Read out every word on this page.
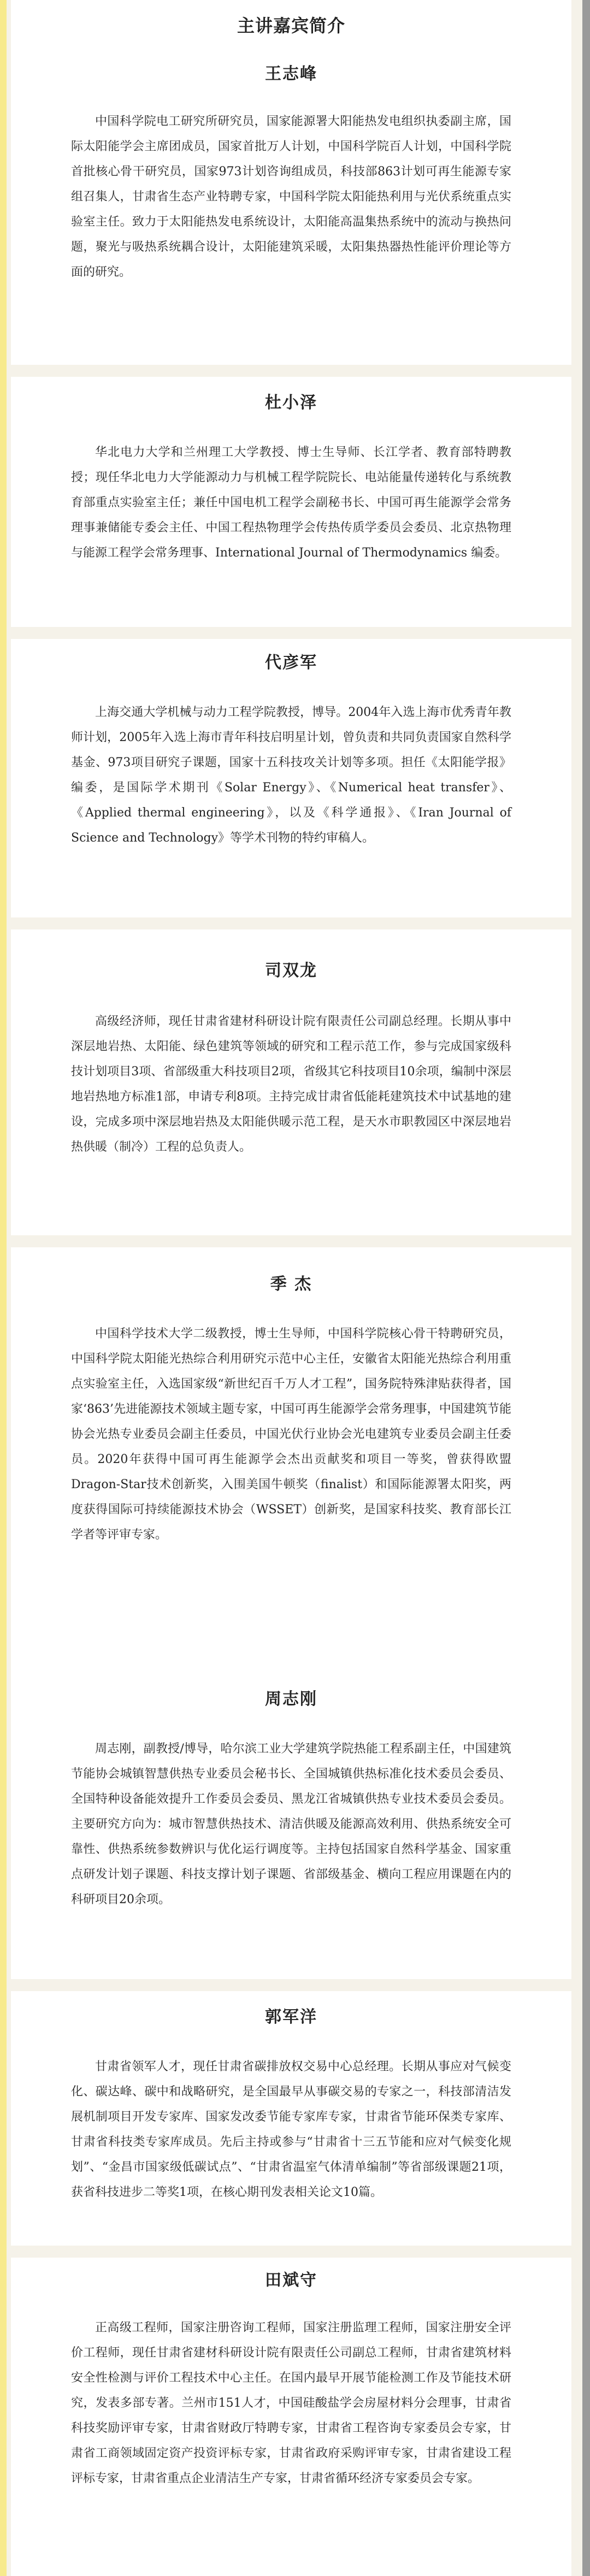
主讲嘉宾简介
王志峰

中国科学院电工研究所研究员，国家能源署大阳能热发电组织执委副主席，国际太阳能学会主席团成员，国家首批万人计划，中国科学院百人计划，中国科学院首批核心骨干研究员，国家973计划咨询组成员，科技部863计划可再生能源专家组召集人，甘肃省生态产业特聘专家，中国科学院太阳能热利用与光伏系统重点实验室主任。致力于太阳能热发电系统设计，太阳能高温集热系统中的流动与换热问题，聚光与吸热系统耦合设计，太阳能建筑采暖，太阳集热器热性能评价理论等方面的研究。

杜小泽

华北电力大学和兰州理工大学教授、博士生导师、长江学者、教育部特聘教授；现任华北电力大学能源动力与机械工程学院院长、电站能量传递转化与系统教育部重点实验室主任；兼任中国电机工程学会副秘书长、中国可再生能源学会常务理事兼储能专委会主任、中国工程热物理学会传热传质学委员会委员、北京热物理与能源工程学会常务理事、International Journal of Thermodynamics 编委。

代彦军

上海交通大学机械与动力工程学院教授，博导。2004年入选上海市优秀青年教师计划，2005年入选上海市青年科技启明星计划，曾负责和共同负责国家自然科学基金、973项目研究子课题，国家十五科技攻关计划等多项。担任《太阳能学报》编委，是国际学术期刊《Solar Energy》、《Numerical heat transfer》、《Applied thermal engineering》，以及《科学通报》、《Iran Journal of Science and Technology》等学术刊物的特约审稿人。

司双龙

高级经济师，现任甘肃省建材科研设计院有限责任公司副总经理。长期从事中深层地岩热、太阳能、绿色建筑等领域的研究和工程示范工作，参与完成国家级科技计划项目3项、省部级重大科技项目2项，省级其它科技项目10余项，编制中深层地岩热地方标准1部，申请专利8项。主持完成甘肃省低能耗建筑技术中试基地的建设，完成多项中深层地岩热及太阳能供暖示范工程，是天水市职教园区中深层地岩热供暖（制冷）工程的总负责人。

季 杰

中国科学技术大学二级教授，博士生导师，中国科学院核心骨干特聘研究员，中国科学院太阳能光热综合利用研究示范中心主任，安徽省太阳能光热综合利用重点实验室主任，入选国家级“新世纪百千万人才工程”，国务院特殊津贴获得者，国家‘863’先进能源技术领域主题专家，中国可再生能源学会常务理事，中国建筑节能协会光热专业委员会副主任委员，中国光伏行业协会光电建筑专业委员会副主任委员。2020年获得中国可再生能源学会杰出贡献奖和项目一等奖，曾获得欧盟Dragon-Star技术创新奖，入围美国牛顿奖（finalist）和国际能源署太阳奖，两度获得国际可持续能源技术协会（WSSET）创新奖，是国家科技奖、教育部长江学者等评审专家。

周志刚

周志刚，副教授/博导，哈尔滨工业大学建筑学院热能工程系副主任，中国建筑节能协会城镇智慧供热专业委员会秘书长、全国城镇供热标准化技术委员会委员、全国特种设备能效提升工作委员会委员、黑龙江省城镇供热专业技术委员会委员。主要研究方向为：城市智慧供热技术、清洁供暖及能源高效利用、供热系统安全可靠性、供热系统参数辨识与优化运行调度等。主持包括国家自然科学基金、国家重点研发计划子课题、科技支撑计划子课题、省部级基金、横向工程应用课题在内的科研项目20余项。

郭军洋

甘肃省领军人才，现任甘肃省碳排放权交易中心总经理。长期从事应对气候变化、碳达峰、碳中和战略研究，是全国最早从事碳交易的专家之一，科技部清洁发展机制项目开发专家库、国家发改委节能专家库专家，甘肃省节能环保类专家库、甘肃省科技类专家库成员。先后主持或参与“甘肃省十三五节能和应对气候变化规划”、“金昌市国家级低碳试点”、“甘肃省温室气体清单编制”等省部级课题21项，获省科技进步二等奖1项，在核心期刊发表相关论文10篇。

田斌守

正高级工程师，国家注册咨询工程师，国家注册监理工程师，国家注册安全评价工程师，现任甘肃省建材科研设计院有限责任公司副总工程师，甘肃省建筑材料安全性检测与评价工程技术中心主任。在国内最早开展节能检测工作及节能技术研究，发表多部专著。兰州市151人才，中国硅酸盐学会房屋材料分会理事，甘肃省科技奖励评审专家，甘肃省财政厅特聘专家，甘肃省工程咨询专家委员会专家，甘肃省工商领域固定资产投资评标专家，甘肃省政府采购评审专家，甘肃省建设工程评标专家，甘肃省重点企业清洁生产专家，甘肃省循环经济专家委员会专家。
